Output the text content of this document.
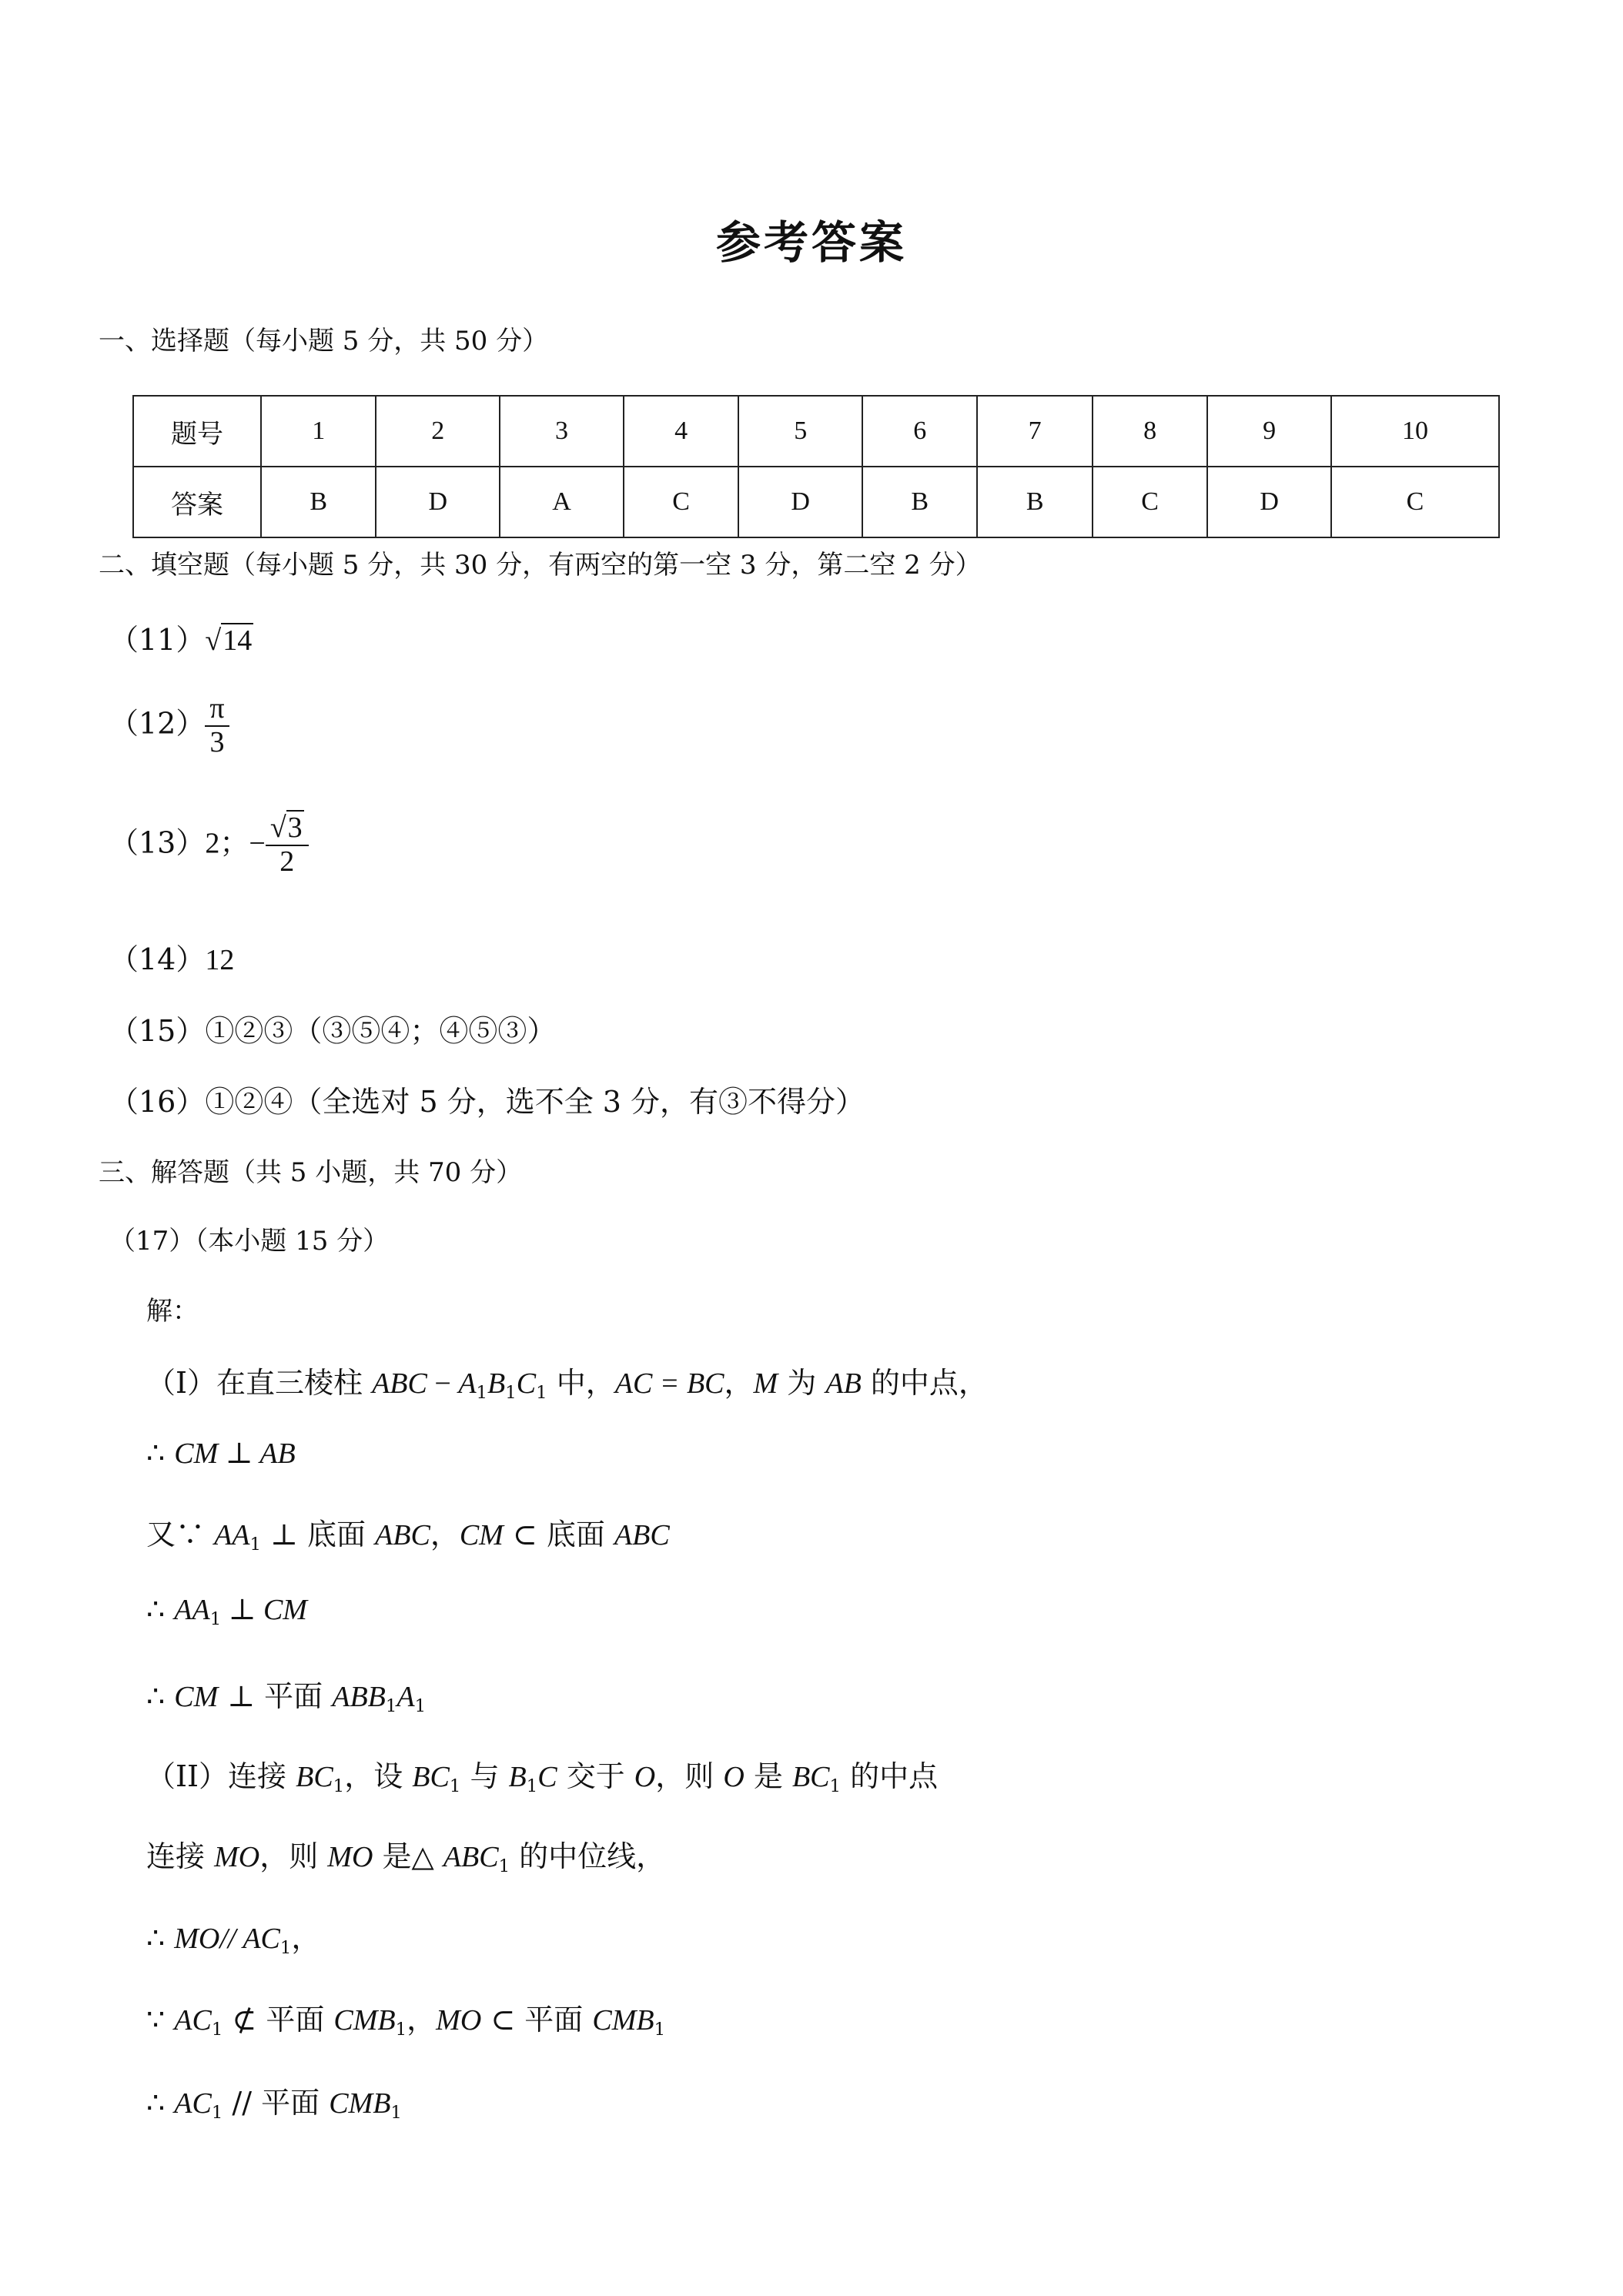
参考答案
一、选择题（每小题 5 分，共 50 分）
题号	1	2	3	4	5	6	7	8	9	10
答案	B	D	A	C	D	B	B	C	D	C
二、填空题（每小题 5 分，共 30 分，有两空的第一空 3 分，第二空 2 分）
（11）√14
$(12) \frac{\pi}{3}$
（13）2；− $\frac{√3}{2}$
（14）12
（15）①②③（③⑤④；④⑤③）
（16）①②④（全选对 5 分，选不全 3 分，有③不得分）
三、解答题（共 5 小题，共 70 分）
（17）（本小题 15 分）
解：
（I）在直三棱柱 ABC − $A_1B_1C_1$ 中，AC = BC，M 为 AB 的中点，
∴ CM ⊥ AB
又∵ $AA_1$ ⊥ 底面 ABC，CM ⊂ 底面 ABC
∴ $AA_1$ ⊥ CM
∴ CM ⊥ 平面 $ABB_1A_1$
（II）连接 $BC_1$，设 $BC_1$ 与 $B_1C$ 交于 O，则 O 是 $BC_1$ 的中点
连接 MO，则 MO 是△ $ABC_1$ 的中位线，
∴ MO// $AC_1$，
∵ $AC_1$ ⊄ 平面 $CMB_1$，MO ⊂ 平面 $CMB_1$
∴ $AC_1$ // 平面 $CMB_1$
